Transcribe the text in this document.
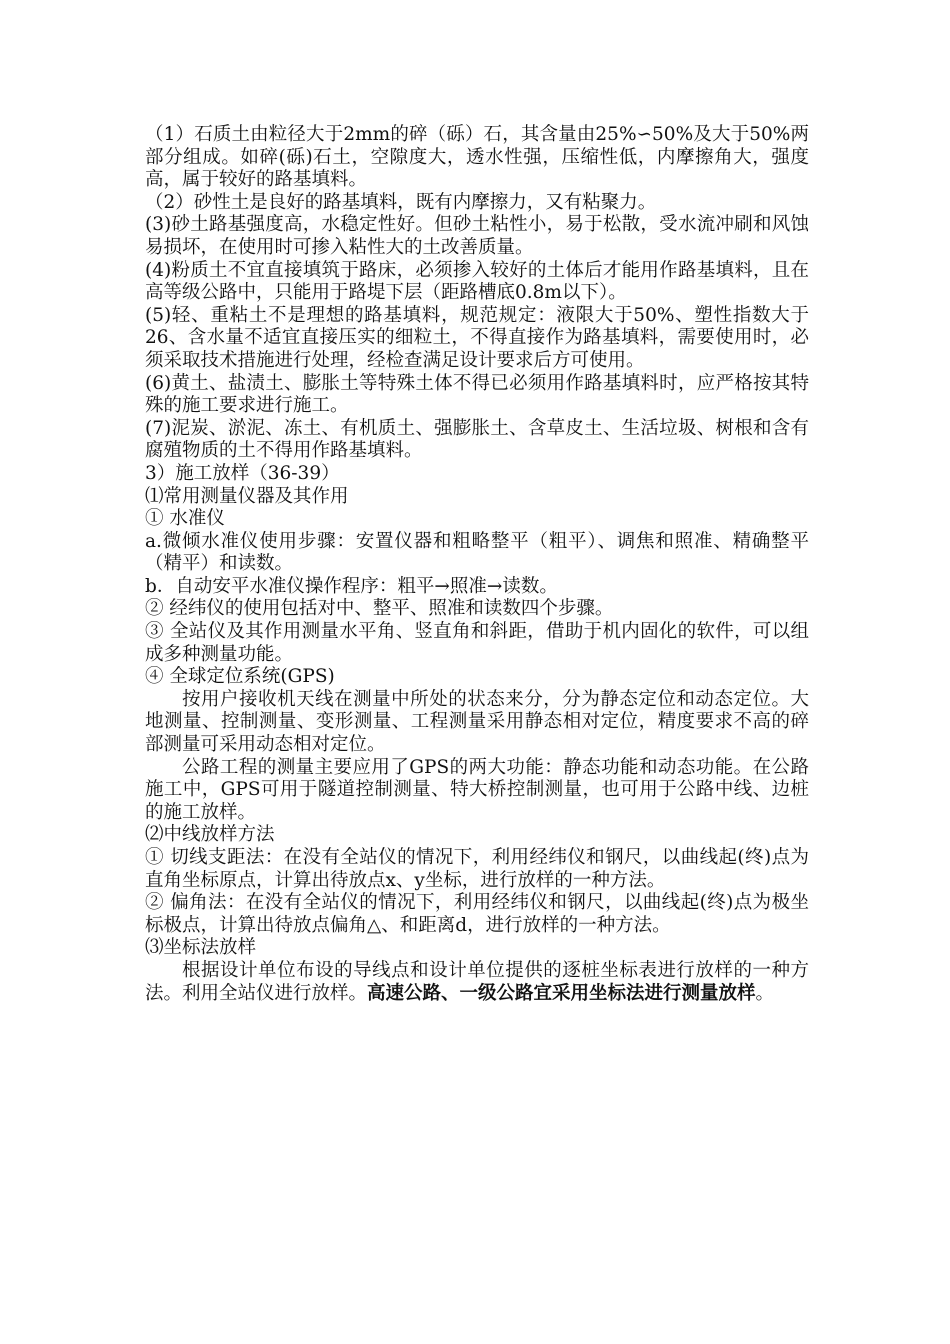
（1）石质土由粒径大于2mm的碎（砾）石，其含量由25%∽50%及大于50%两部分组成。如碎(砾)石土，空隙度大，透水性强，压缩性低，内摩擦角大，强度高，属于较好的路基填料。

（2）砂性土是良好的路基填料，既有内摩擦力，又有粘聚力。

(3)砂土路基强度高，水稳定性好。但砂土粘性小，易于松散，受水流冲刷和风蚀易损坏，在使用时可掺入粘性大的土改善质量。

(4)粉质土不宜直接填筑于路床，必须掺入较好的土体后才能用作路基填料，且在高等级公路中，只能用于路堤下层（距路槽底0.8m以下）。

(5)轻、重粘土不是理想的路基填料，规范规定：液限大于50%、塑性指数大于26、含水量不适宜直接压实的细粒土，不得直接作为路基填料，需要使用时，必须采取技术措施进行处理，经检查满足设计要求后方可使用。

(6)黄土、盐渍土、膨胀土等特殊土体不得已必须用作路基填料时，应严格按其特殊的施工要求进行施工。

(7)泥炭、淤泥、冻土、有机质土、强膨胀土、含草皮土、生活垃圾、树根和含有腐殖物质的土不得用作路基填料。

3）施工放样（36-39）

⑴常用测量仪器及其作用

① 水准仪

a.微倾水准仪使用步骤：安置仪器和粗略整平（粗平）、调焦和照准、精确整平（精平）和读数。

b．自动安平水准仪操作程序：粗平→照准→读数。

② 经纬仪的使用包括对中、整平、照准和读数四个步骤。

③ 全站仪及其作用测量水平角、竖直角和斜距，借助于机内固化的软件，可以组成多种测量功能。

④ 全球定位系统(GPS)

按用户接收机天线在测量中所处的状态来分，分为静态定位和动态定位。大地测量、控制测量、变形测量、工程测量采用静态相对定位，精度要求不高的碎部测量可采用动态相对定位。

公路工程的测量主要应用了GPS的两大功能：静态功能和动态功能。在公路施工中，GPS可用于隧道控制测量、特大桥控制测量，也可用于公路中线、边桩的施工放样。

⑵中线放样方法

① 切线支距法：在没有全站仪的情况下，利用经纬仪和钢尺，以曲线起(终)点为直角坐标原点，计算出待放点x、y坐标，进行放样的一种方法。

② 偏角法：在没有全站仪的情况下，利用经纬仪和钢尺，以曲线起(终)点为极坐标极点，计算出待放点偏角△、和距离d，进行放样的一种方法。

⑶坐标法放样

根据设计单位布设的导线点和设计单位提供的逐桩坐标表进行放样的一种方法。利用全站仪进行放样。高速公路、一级公路宜采用坐标法进行测量放样。
